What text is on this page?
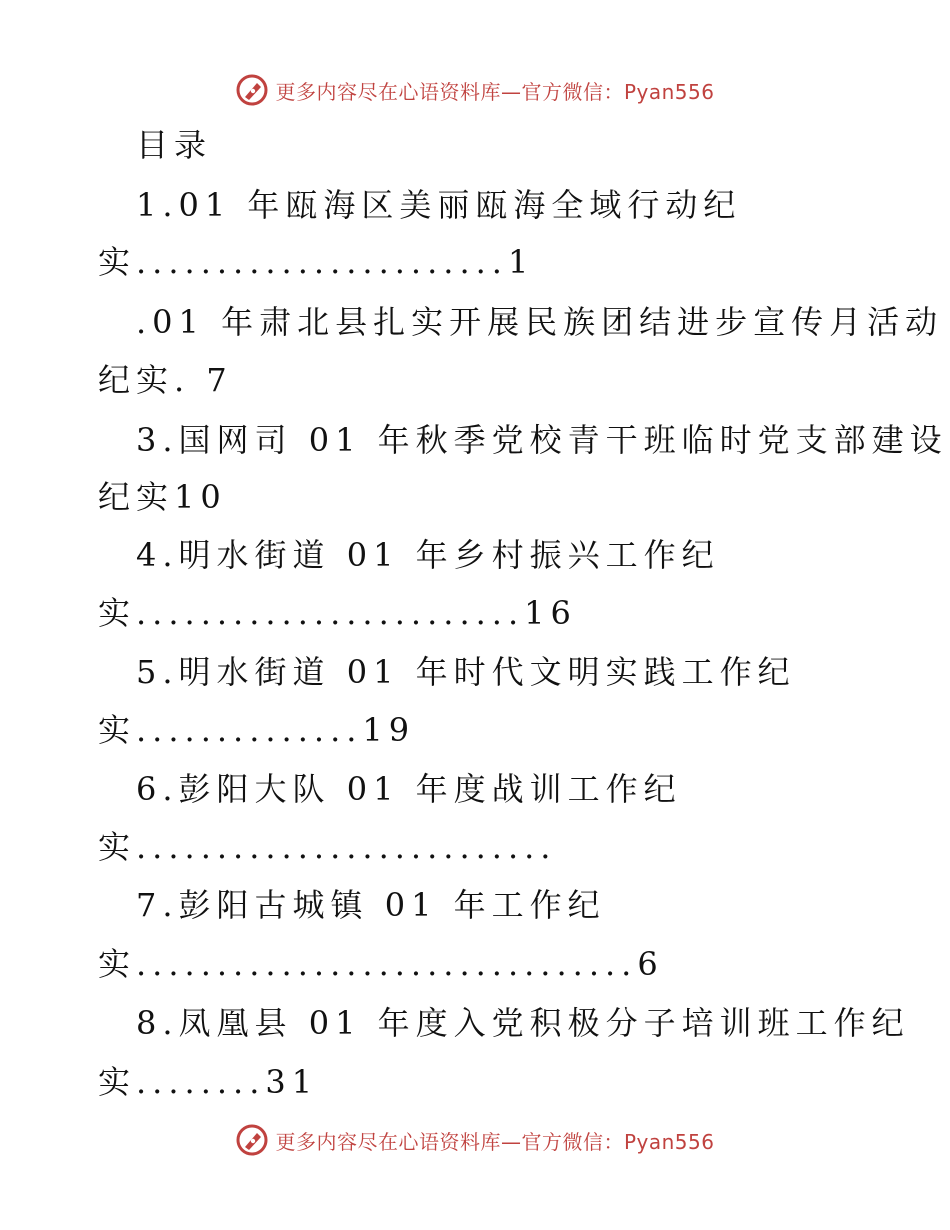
更多内容尽在心语资料库—官方微信：Pyan556
目录
1.01 年瓯海区美丽瓯海全域行动纪
实.......................1
.01 年肃北县扎实开展民族团结进步宣传月活动
纪实. 7
3.国网司 01 年秋季党校青干班临时党支部建设
纪实10
4.明水街道 01 年乡村振兴工作纪
实........................16
5.明水街道 01 年时代文明实践工作纪
实..............19
6.彭阳大队 01 年度战训工作纪
实..........................
7.彭阳古城镇 01 年工作纪
实...............................6
8.凤凰县 01 年度入党积极分子培训班工作纪
实........31
更多内容尽在心语资料库—官方微信：Pyan556
